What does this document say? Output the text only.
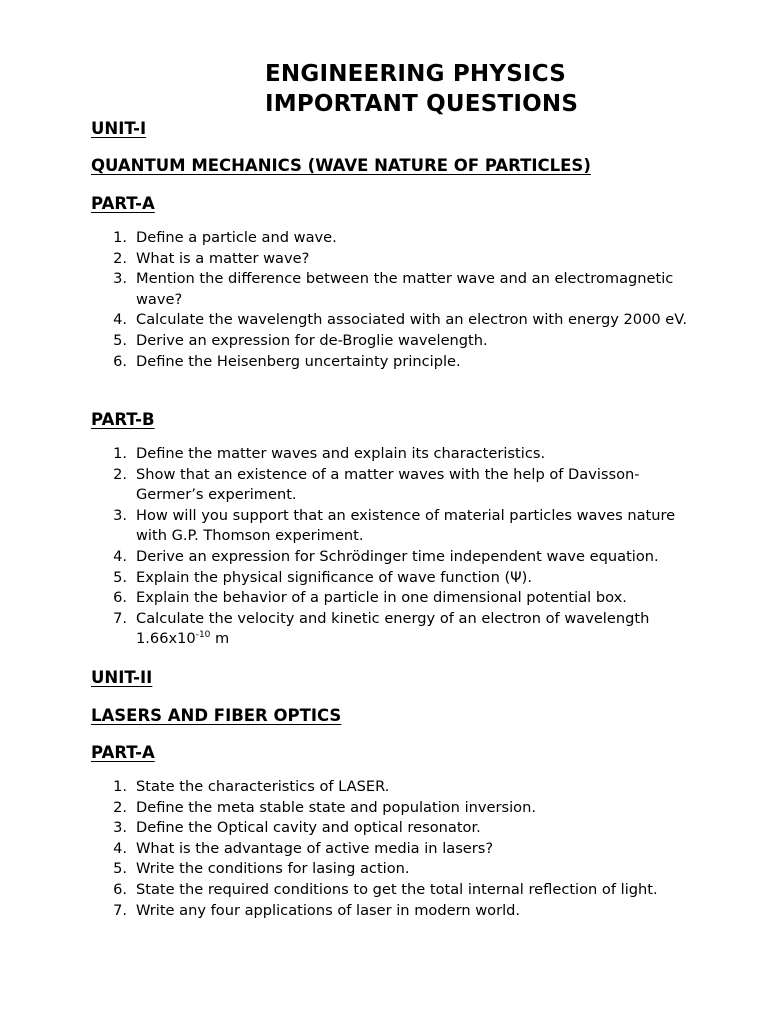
ENGINEERING PHYSICS
IMPORTANT QUESTIONS
UNIT-I
QUANTUM MECHANICS (WAVE NATURE OF PARTICLES)
PART-A
1. Define a particle and wave.
2. What is a matter wave?
3. Mention the difference between the matter wave and an electromagnetic wave?
4. Calculate the wavelength associated with an electron with energy 2000 eV.
5. Derive an expression for de-Broglie wavelength.
6. Define the Heisenberg uncertainty principle.
PART-B
1. Define the matter waves and explain its characteristics.
2. Show that an existence of a matter waves with the help of Davisson-Germer’s experiment.
3. How will you support that an existence of material particles waves nature with G.P. Thomson experiment.
4. Derive an expression for Schrödinger time independent wave equation.
5. Explain the physical significance of wave function (Ψ).
6. Explain the behavior of a particle in one dimensional potential box.
7. Calculate the velocity and kinetic energy of an electron of wavelength $1.66x10^{-10}$ m
UNIT-II
LASERS AND FIBER OPTICS
PART-A
1. State the characteristics of LASER.
2. Define the meta stable state and population inversion.
3. Define the Optical cavity and optical resonator.
4. What is the advantage of active media in lasers?
5. Write the conditions for lasing action.
6. State the required conditions to get the total internal reflection of light.
7. Write any four applications of laser in modern world.
